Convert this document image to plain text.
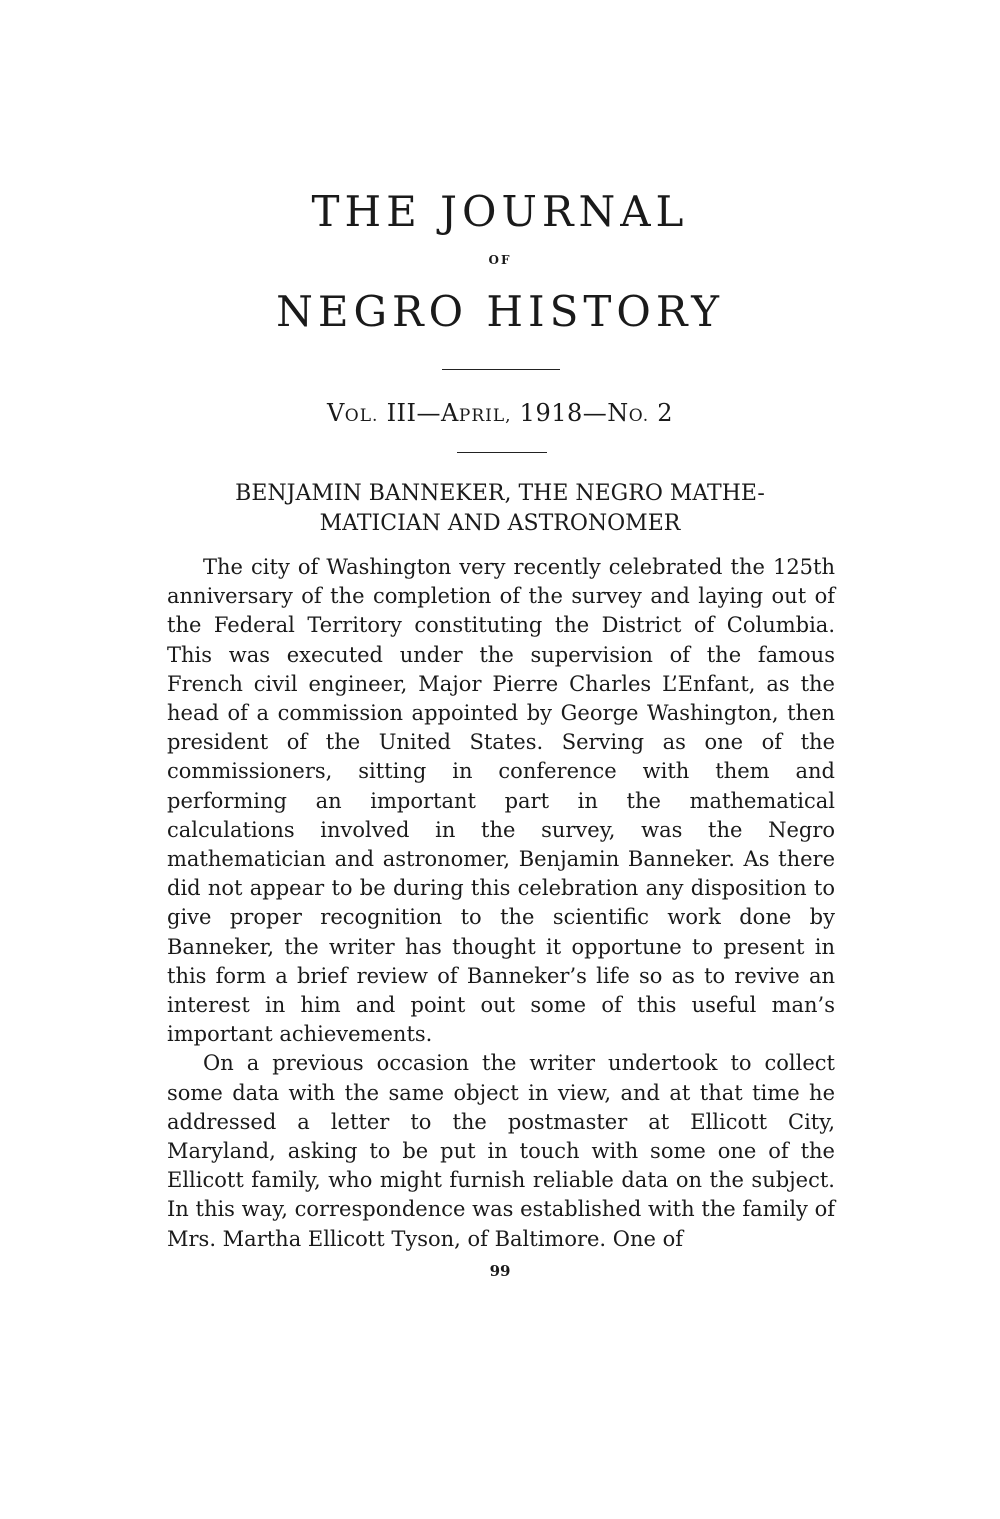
THE JOURNAL
OF
NEGRO HISTORY
VOL. III—APRIL, 1918—NO. 2
BENJAMIN BANNEKER, THE NEGRO MATHE-
MATICIAN AND ASTRONOMER

The city of Washington very recently celebrated the 125th anniversary of the completion of the survey and laying out of the Federal Territory constituting the District of Columbia. This was executed under the supervision of the famous French civil engineer, Major Pierre Charles L’Enfant, as the head of a commission appointed by George Washington, then president of the United States. Serving as one of the commissioners, sitting in conference with them and performing an important part in the mathematical calculations involved in the survey, was the Negro mathematician and astronomer, Benjamin Banneker. As there did not appear to be during this celebration any disposition to give proper recognition to the scientific work done by Banneker, the writer has thought it opportune to present in this form a brief review of Banneker’s life so as to revive an interest in him and point out some of this useful man’s important achievements.

On a previous occasion the writer undertook to collect some data with the same object in view, and at that time he addressed a letter to the postmaster at Ellicott City, Maryland, asking to be put in touch with some one of the Ellicott family, who might furnish reliable data on the subject. In this way, correspondence was established with the family of Mrs. Martha Ellicott Tyson, of Baltimore. One of

99
